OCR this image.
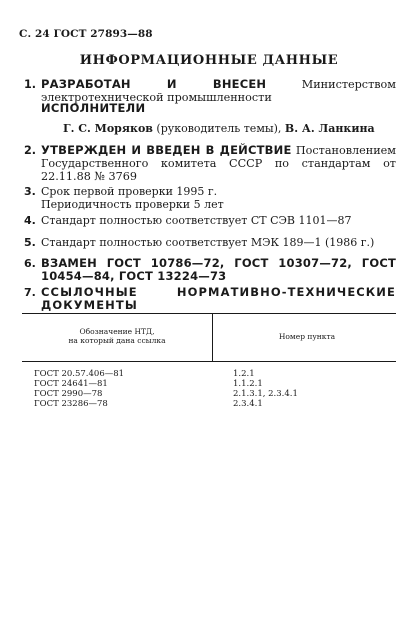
С. 24 ГОСТ 27893—88
ИНФОРМАЦИОННЫЕ ДАННЫЕ
1. РАЗРАБОТАН И ВНЕСЕН Министерством электротехнической промышленности
ИСПОЛНИТЕЛИ
Г. С. Моряков (руководитель темы), В. А. Ланкина
2. УТВЕРЖДЕН И ВВЕДЕН В ДЕЙСТВИЕ Постановлением Государственного комитета СССР по стандартам от 22.11.88 № 3769
3. Срок первой проверки 1995 г. Периодичность проверки 5 лет
4. Стандарт полностью соответствует СТ СЭВ 1101—87
5. Стандарт полностью соответствует МЭК 189—1 (1986 г.)
6. ВЗАМЕН ГОСТ 10786—72, ГОСТ 10307—72, ГОСТ 10454—84, ГОСТ 13224—73
7. ССЫЛОЧНЫЕ НОРМАТИВНО-ТЕХНИЧЕСКИЕ ДОКУМЕНТЫ
Обозначение НТД,
на который дана ссылка	Номер пункта
ГОСТ 20.57.406—81	1.2.1
ГОСТ 24641—81	1.1.2.1
ГОСТ 2990—78	2.1.3.1, 2.3.4.1
ГОСТ 23286—78	2.3.4.1
